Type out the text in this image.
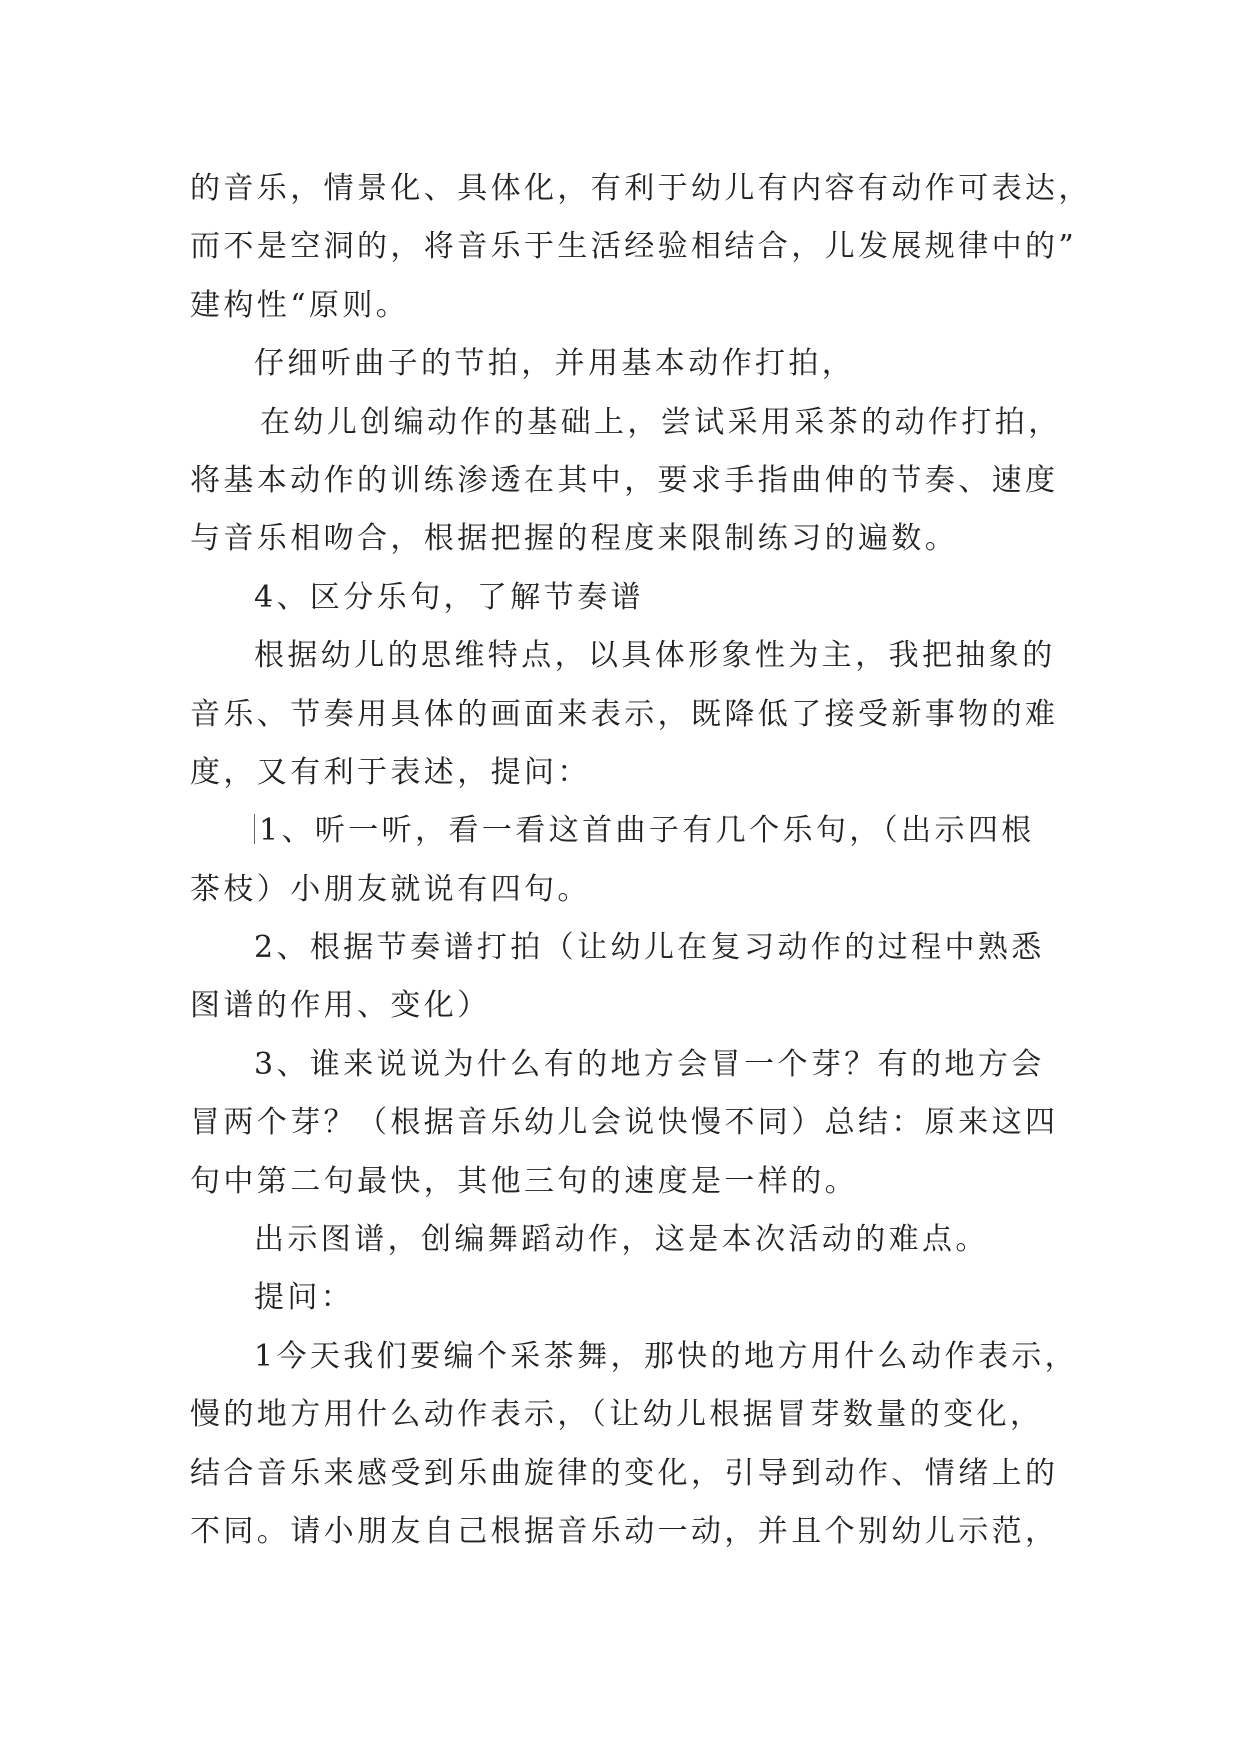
的音乐，情景化、具体化，有利于幼儿有内容有动作可表达，
而不是空洞的，将音乐于生活经验相结合，儿发展规律中的”
建构性“原则。
仔细听曲子的节拍，并用基本动作打拍，
在幼儿创编动作的基础上，尝试采用采茶的动作打拍，
将基本动作的训练渗透在其中，要求手指曲伸的节奏、速度
与音乐相吻合，根据把握的程度来限制练习的遍数。
4、区分乐句，了解节奏谱
根据幼儿的思维特点，以具体形象性为主，我把抽象的
音乐、节奏用具体的画面来表示，既降低了接受新事物的难
度，又有利于表述，提问：
1、听一听，看一看这首曲子有几个乐句，（出示四根
茶枝）小朋友就说有四句。
2、根据节奏谱打拍（让幼儿在复习动作的过程中熟悉
图谱的作用、变化）
3、谁来说说为什么有的地方会冒一个芽？有的地方会
冒两个芽？（根据音乐幼儿会说快慢不同）总结：原来这四
句中第二句最快，其他三句的速度是一样的。
出示图谱，创编舞蹈动作，这是本次活动的难点。
提问：
1今天我们要编个采茶舞，那快的地方用什么动作表示，
慢的地方用什么动作表示，（让幼儿根据冒芽数量的变化，
结合音乐来感受到乐曲旋律的变化，引导到动作、情绪上的
不同。请小朋友自己根据音乐动一动，并且个别幼儿示范，
